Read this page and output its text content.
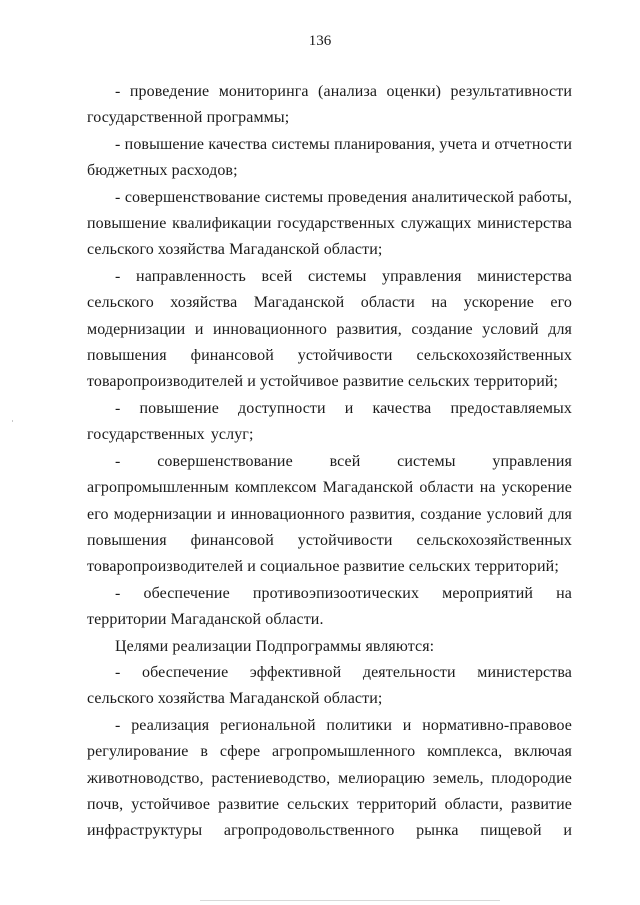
136

- проведение мониторинга (анализа оценки) результативности государственной программы;

- повышение качества системы планирования, учета и отчетности бюджетных расходов;

- совершенствование системы проведения аналитической работы, повышение квалификации государственных служащих министерства сельского хозяйства Магаданской области;

- направленность всей системы управления министерства сельского хозяйства Магаданской области на ускорение его модернизации и инновационного развития, создание условий для повышения финансовой устойчивости сельскохозяйственных товаропроизводителей и устойчивое развитие сельских территорий;

- повышение доступности и качества предоставляемых государственных услуг;

- совершенствование всей системы управления агропромышленным комплексом Магаданской области на ускорение его модернизации и инновационного развития, создание условий для повышения финансовой устойчивости сельскохозяйственных товаропроизводителей и социальное развитие сельских территорий;

- обеспечение противоэпизоотических мероприятий на территории Магаданской области.

Целями реализации Подпрограммы являются:

- обеспечение эффективной деятельности министерства сельского хозяйства Магаданской области;

- реализация региональной политики и нормативно-правовое регулирование в сфере агропромышленного комплекса, включая животноводство, растениеводство, мелиорацию земель, плодородие почв, устойчивое развитие сельских территорий области, развитие инфраструктуры агропродовольственного рынка пищевой и
